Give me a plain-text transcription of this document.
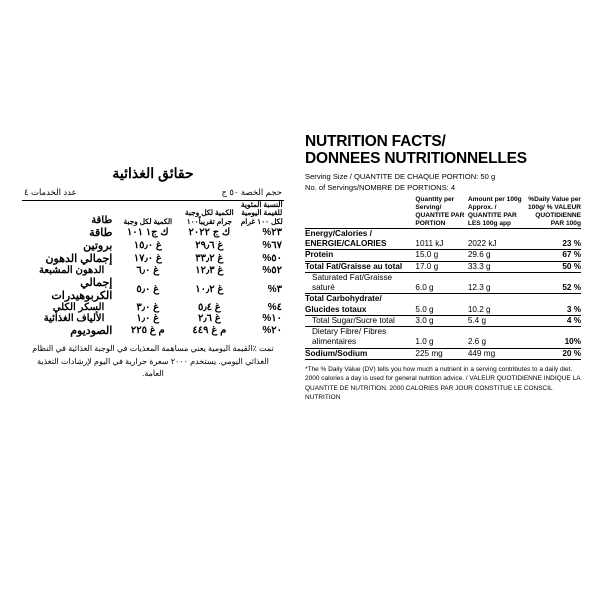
حقائق الغذائية
حجم الخصة ٥٠ ج
عدد الخدمات ٤
النسبة المئوية للقيمة اليومية لكل ١٠٠ غرام	الكمية لكل وجبة جرام تقريباً١٠٠	الكمية لكل وجبة	طاقة
٢٣%	ك ج ٢٠٢٢	ك ج١ ١٠١	طاقة
٦٧%	غ ٢٩٫٦	غ ١٥٫٠	بروتين
٥٠%	غ ٣٣٫٢	غ ١٧٫٠	إجمالي الدهون
٥٢%	غ ١٢٫٣	غ ٦٫٠	الدهون المشبعة
٣%	غ ١٠٫٢	غ ٥٫٠	إجمالي الكربوهيدرات
٤%	غ ٥٫٤	غ ٣٫٠	السكر الكلي
١٠%	غ ٢٫٦	غ ١٫٠	الألياف الغذائية
٢٠%	م غ ٤٤٩	م غ ٢٢٥	الصوديوم

تمت ٪القيمة اليومية يعني مساهمة المغذيات في الوجبة الغذائية في النظام الغذائي اليومي. يستخدم ٢٠٠٠ سعرة حرارية في اليوم لإرشادات التغذية العامة.
NUTRITION FACTS/
DONNEES NUTRITIONNELLES
Serving Size / QUANTITE DE CHAQUE PORTION: 50 g
No. of Servings/NOMBRE DE PORTIONS: 4
	Quantity per Serving/ QUANTITE PAR PORTION	Amount per 100g Approx. / QUANTITE PAR LES 100g app	%Daily Value per 100g/ % VALEUR QUOTIDIENNE PAR 100g
Energy/Calories / ENERGIE/CALORIES	1011 kJ	2022 kJ	23 %
Protein	15.0 g	29.6 g	67 %
Total Fat/Graisse au total	17.0 g	33.3 g	50 %
Saturated Fat/Graisse saturé	6.0 g	12.3 g	52 %
Total Carbohydrate/ Glucides totaux	5.0 g	10.2 g	3 %
Total Sugar/Sucre total	3.0 g	5.4 g	4 %
Dietary Fibre/ Fibres alimentaires	1.0 g	2.6 g	10%
Sodium/Sodium	225 mg	449 mg	20 %

*The % Daily Value (DV) tells you how much a nutrient in a serving contributes to a daily diet. 2000 calories a day is used for general nutrition advice. / VALEUR QUOTIDIENNE INDIQUE LA QUANTITE DE NUTRITION. 2000 CALORIES PAR JOUR CONSTITUE LE CONSCIL NUTRITION
